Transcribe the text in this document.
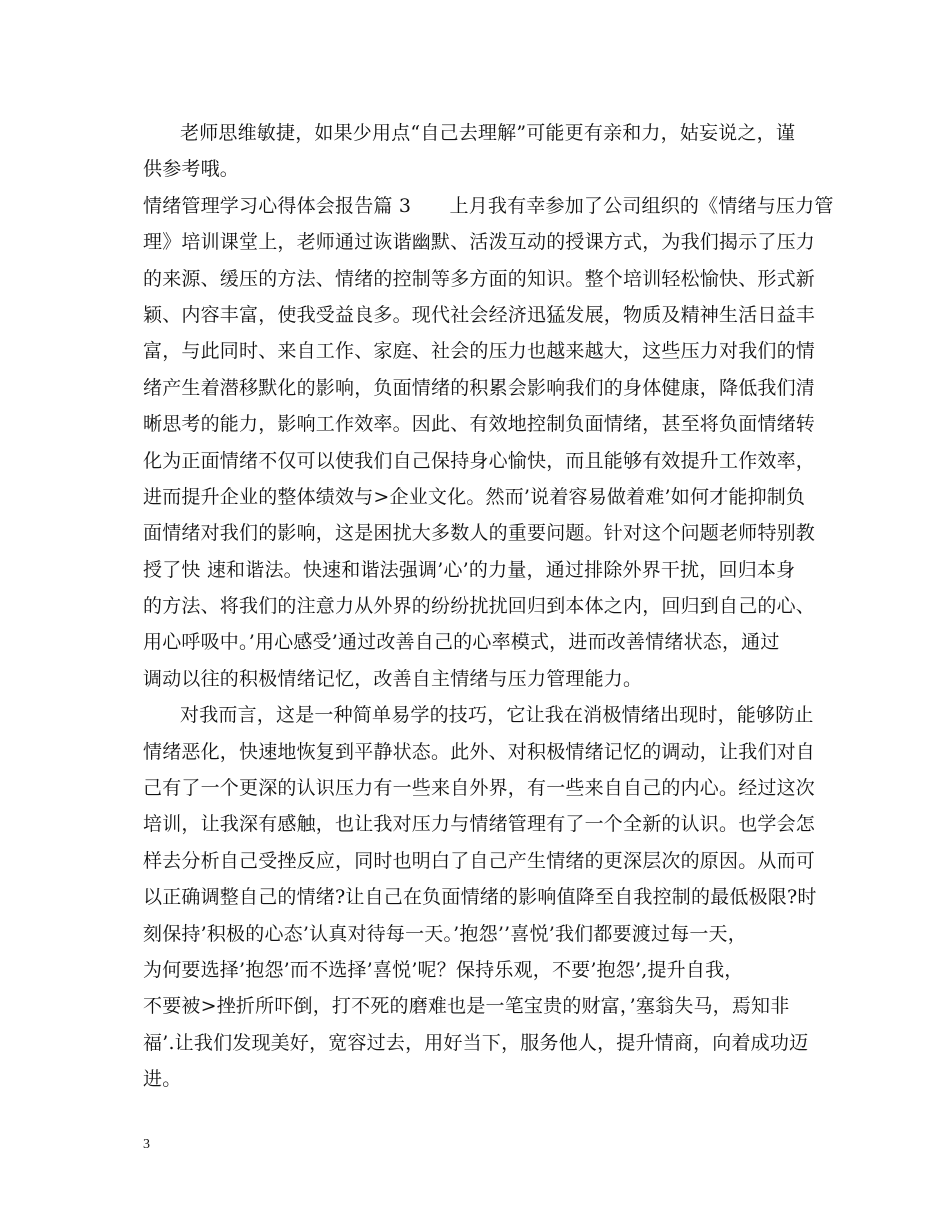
老师思维敏捷，如果少用点“自己去理解”可能更有亲和力，姑妄说之，谨
供参考哦。
情绪管理学习心得体会报告篇 3　　上月我有幸参加了公司组织的《情绪与压力管
理》培训课堂上，老师通过诙谐幽默、活泼互动的授课方式，为我们揭示了压力
的来源、缓压的方法、情绪的控制等多方面的知识。整个培训轻松愉快、形式新
颖、内容丰富，使我受益良多。现代社会经济迅猛发展，物质及精神生活日益丰
富，与此同时、来自工作、家庭、社会的压力也越来越大，这些压力对我们的情
绪产生着潜移默化的影响，负面情绪的积累会影响我们的身体健康，降低我们清
晰思考的能力，影响工作效率。因此、有效地控制负面情绪，甚至将负面情绪转
化为正面情绪不仅可以使我们自己保持身心愉快，而且能够有效提升工作效率，
进而提升企业的整体绩效与>企业文化。然而’说着容易做着难’如何才能抑制负
面情绪对我们的影响，这是困扰大多数人的重要问题。针对这个问题老师特别教
授了快 速和谐法。快速和谐法强调’心’的力量，通过排除外界干扰，回归本身
的方法、将我们的注意力从外界的纷纷扰扰回归到本体之内，回归到自己的心、
用心呼吸中。’用心感受’通过改善自己的心率模式，进而改善情绪状态，通过
调动以往的积极情绪记忆，改善自主情绪与压力管理能力。
对我而言，这是一种简单易学的技巧，它让我在消极情绪出现时，能够防止
情绪恶化，快速地恢复到平静状态。此外、对积极情绪记忆的调动，让我们对自
己有了一个更深的认识压力有一些来自外界，有一些来自自己的内心。经过这次
培训，让我深有感触，也让我对压力与情绪管理有了一个全新的认识。也学会怎
样去分析自己受挫反应，同时也明白了自己产生情绪的更深层次的原因。从而可
以正确调整自己的情绪?让自己在负面情绪的影响值降至自我控制的最低极限?时
刻保持’积极的心态’认真对待每一天。’抱怨’’喜悦’我们都要渡过每一天，
为何要选择’抱怨’而不选择’喜悦’呢？保持乐观，不要’抱怨’,提升自我，
不要被>挫折所吓倒，打不死的磨难也是一笔宝贵的财富，’塞翁失马，焉知非
福’.让我们发现美好，宽容过去，用好当下，服务他人，提升情商，向着成功迈
进。
3
